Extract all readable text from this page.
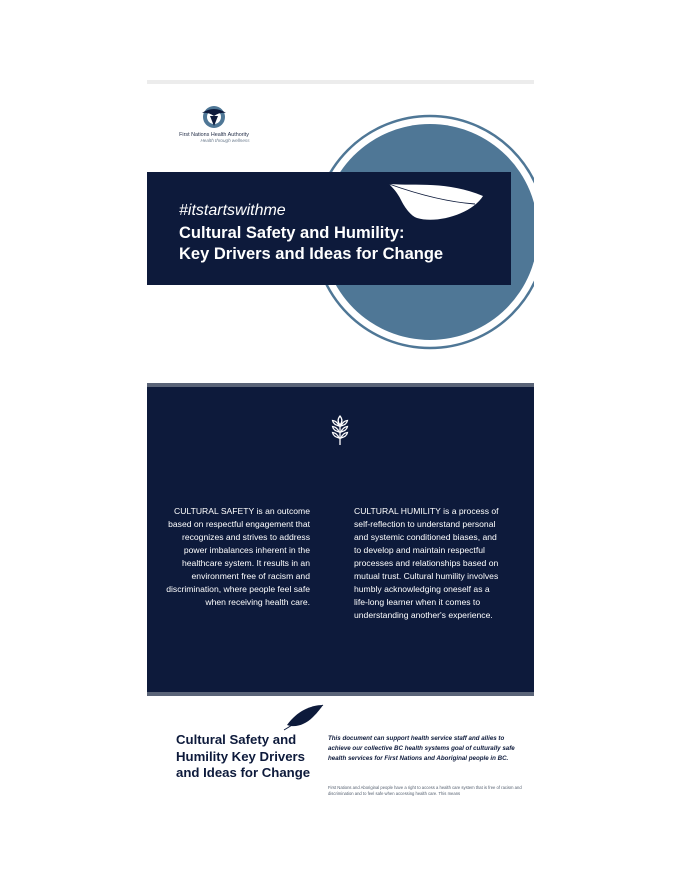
First Nations Health Authority
Health through wellness
#itstartswithme
Cultural Safety and Humility:
Key Drivers and Ideas for Change

CULTURAL SAFETY is an outcome based on respectful engagement that recognizes and strives to address power imbalances inherent in the healthcare system. It results in an environment free of racism and discrimination, where people feel safe when receiving health care.

CULTURAL HUMILITY is a process of self-reflection to understand personal and systemic conditioned biases, and to develop and maintain respectful processes and relationships based on mutual trust. Cultural humility involves humbly acknowledging oneself as a life-long learner when it comes to understanding another's experience.

Cultural Safety and Humility Key Drivers and Ideas for Change

This document can support health service staff and allies to achieve our collective BC health systems goal of culturally safe health services for First Nations and Aboriginal people in BC.

First Nations and Aboriginal people have a right to access a health care system that is free of racism and discrimination and to feel safe when accessing health care. This means
